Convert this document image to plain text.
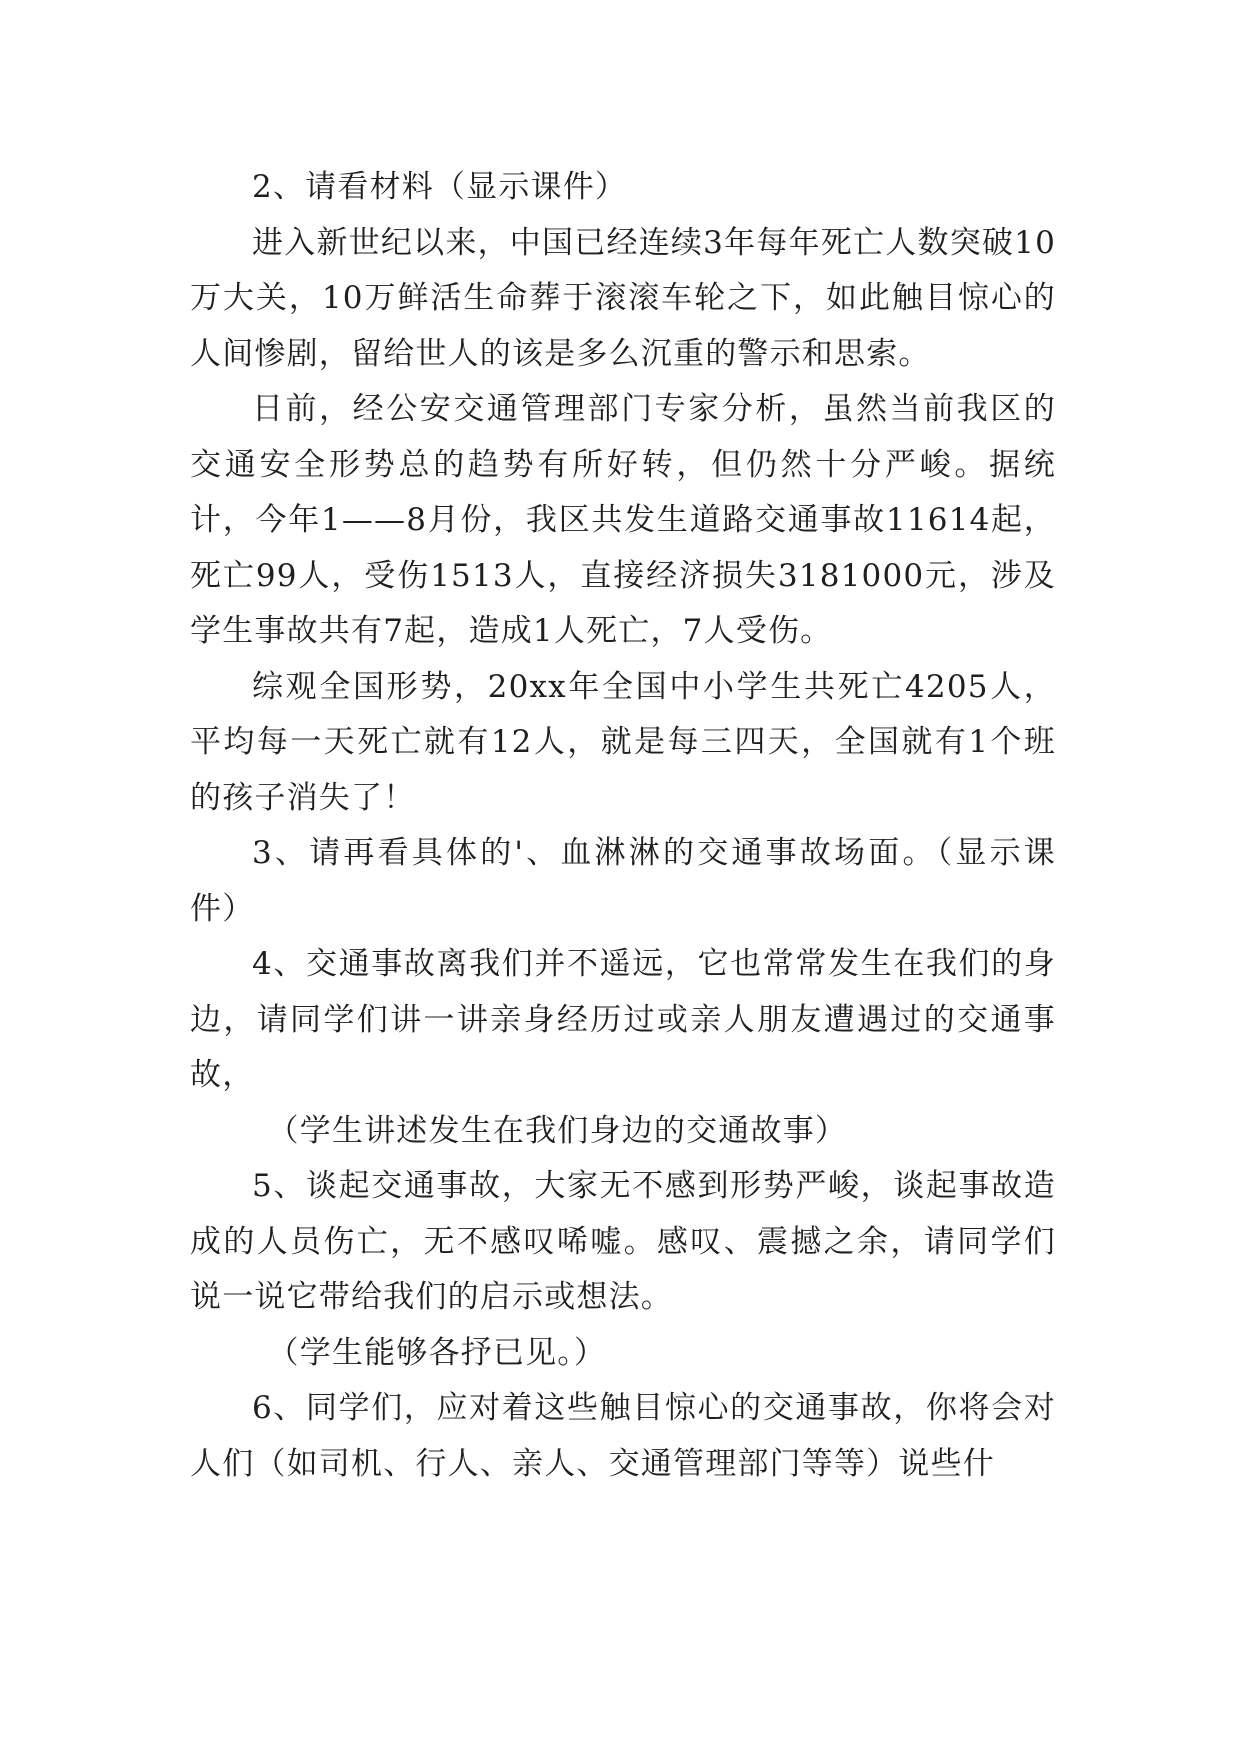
2、请看材料（显示课件）

进入新世纪以来，中国已经连续3年每年死亡人数突破10万大关，10万鲜活生命葬于滚滚车轮之下，如此触目惊心的人间惨剧，留给世人的该是多么沉重的警示和思索。

日前，经公安交通管理部门专家分析，虽然当前我区的交通安全形势总的趋势有所好转，但仍然十分严峻。据统计，今年1——8月份，我区共发生道路交通事故11614起，死亡99人，受伤1513人，直接经济损失3181000元，涉及学生事故共有7起，造成1人死亡，7人受伤。

综观全国形势，20xx年全国中小学生共死亡4205人，平均每一天死亡就有12人，就是每三四天，全国就有1个班的孩子消失了！

3、请再看具体的'、血淋淋的交通事故场面。（显示课件）

4、交通事故离我们并不遥远，它也常常发生在我们的身边，请同学们讲一讲亲身经历过或亲人朋友遭遇过的交通事故，

（学生讲述发生在我们身边的交通故事）

5、谈起交通事故，大家无不感到形势严峻，谈起事故造成的人员伤亡，无不感叹唏嘘。感叹、震撼之余，请同学们说一说它带给我们的启示或想法。

（学生能够各抒已见。）

6、同学们，应对着这些触目惊心的交通事故，你将会对人们（如司机、行人、亲人、交通管理部门等等）说些什
